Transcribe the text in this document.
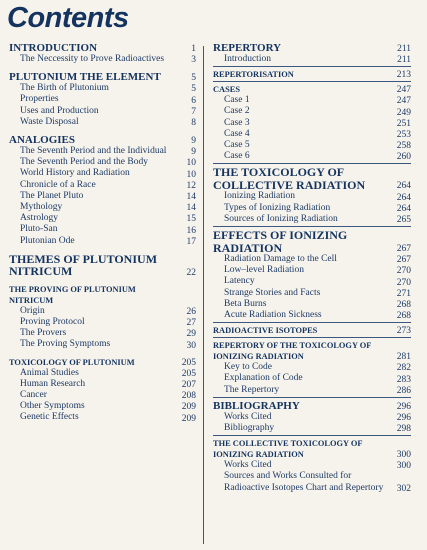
Contents
INTRODUCTION	1
The Neccessity to Prove Radioactives	3

PLUTONIUM THE ELEMENT	5
The Birth of Plutonium	5
Properties	6
Uses and Production	7
Waste Disposal	8

ANALOGIES	9
The Seventh Period and the Individual	9
The Seventh Period and the Body	10
World History and Radiation	10
Chronicle of a Race	12
The Planet Pluto	14
Mythology	14
Astrology	15
Pluto-San	16
Plutonian Ode	17

THEMES OF PLUTONIUM NITRICUM	22

THE PROVING OF PLUTONIUM NITRICUM	
Origin	26
Proving Protocol	27
The Provers	29
The Proving Symptoms	30

TOXICOLOGY OF PLUTONIUM	205
Animal Studies	205
Human Research	207
Cancer	208
Other Symptoms	209
Genetic Effects	209
REPERTORY	211
Introduction	211

REPERTORISATION	213

CASES	247
Case 1	247
Case 2	249
Case 3	251
Case 4	253
Case 5	258
Case 6	260

THE TOXICOLOGY OF COLLECTIVE RADIATION	264
Ionizing Radiation	264
Types of Ionizing Radiation	264
Sources of Ionizing Radiation	265

EFFECTS OF IONIZING RADIATION	267
Radiation Damage to the Cell	267
Low–level Radiation	270
Latency	270
Strange Stories and Facts	271
Beta Burns	268
Acute Radiation Sickness	268

RADIOACTIVE ISOTOPES	273

REPERTORY OF THE TOXICOLOGY OF IONIZING RADIATION	281
Key to Code	282
Explanation of Code	283
The Repertory	286

BIBLIOGRAPHY	296
Works Cited	296
Bibliography	298

THE COLLECTIVE TOXICOLOGY OF IONIZING RADIATION	300
Works Cited	300
Sources and Works Consulted for Radioactive Isotopes Chart and Repertory	302
